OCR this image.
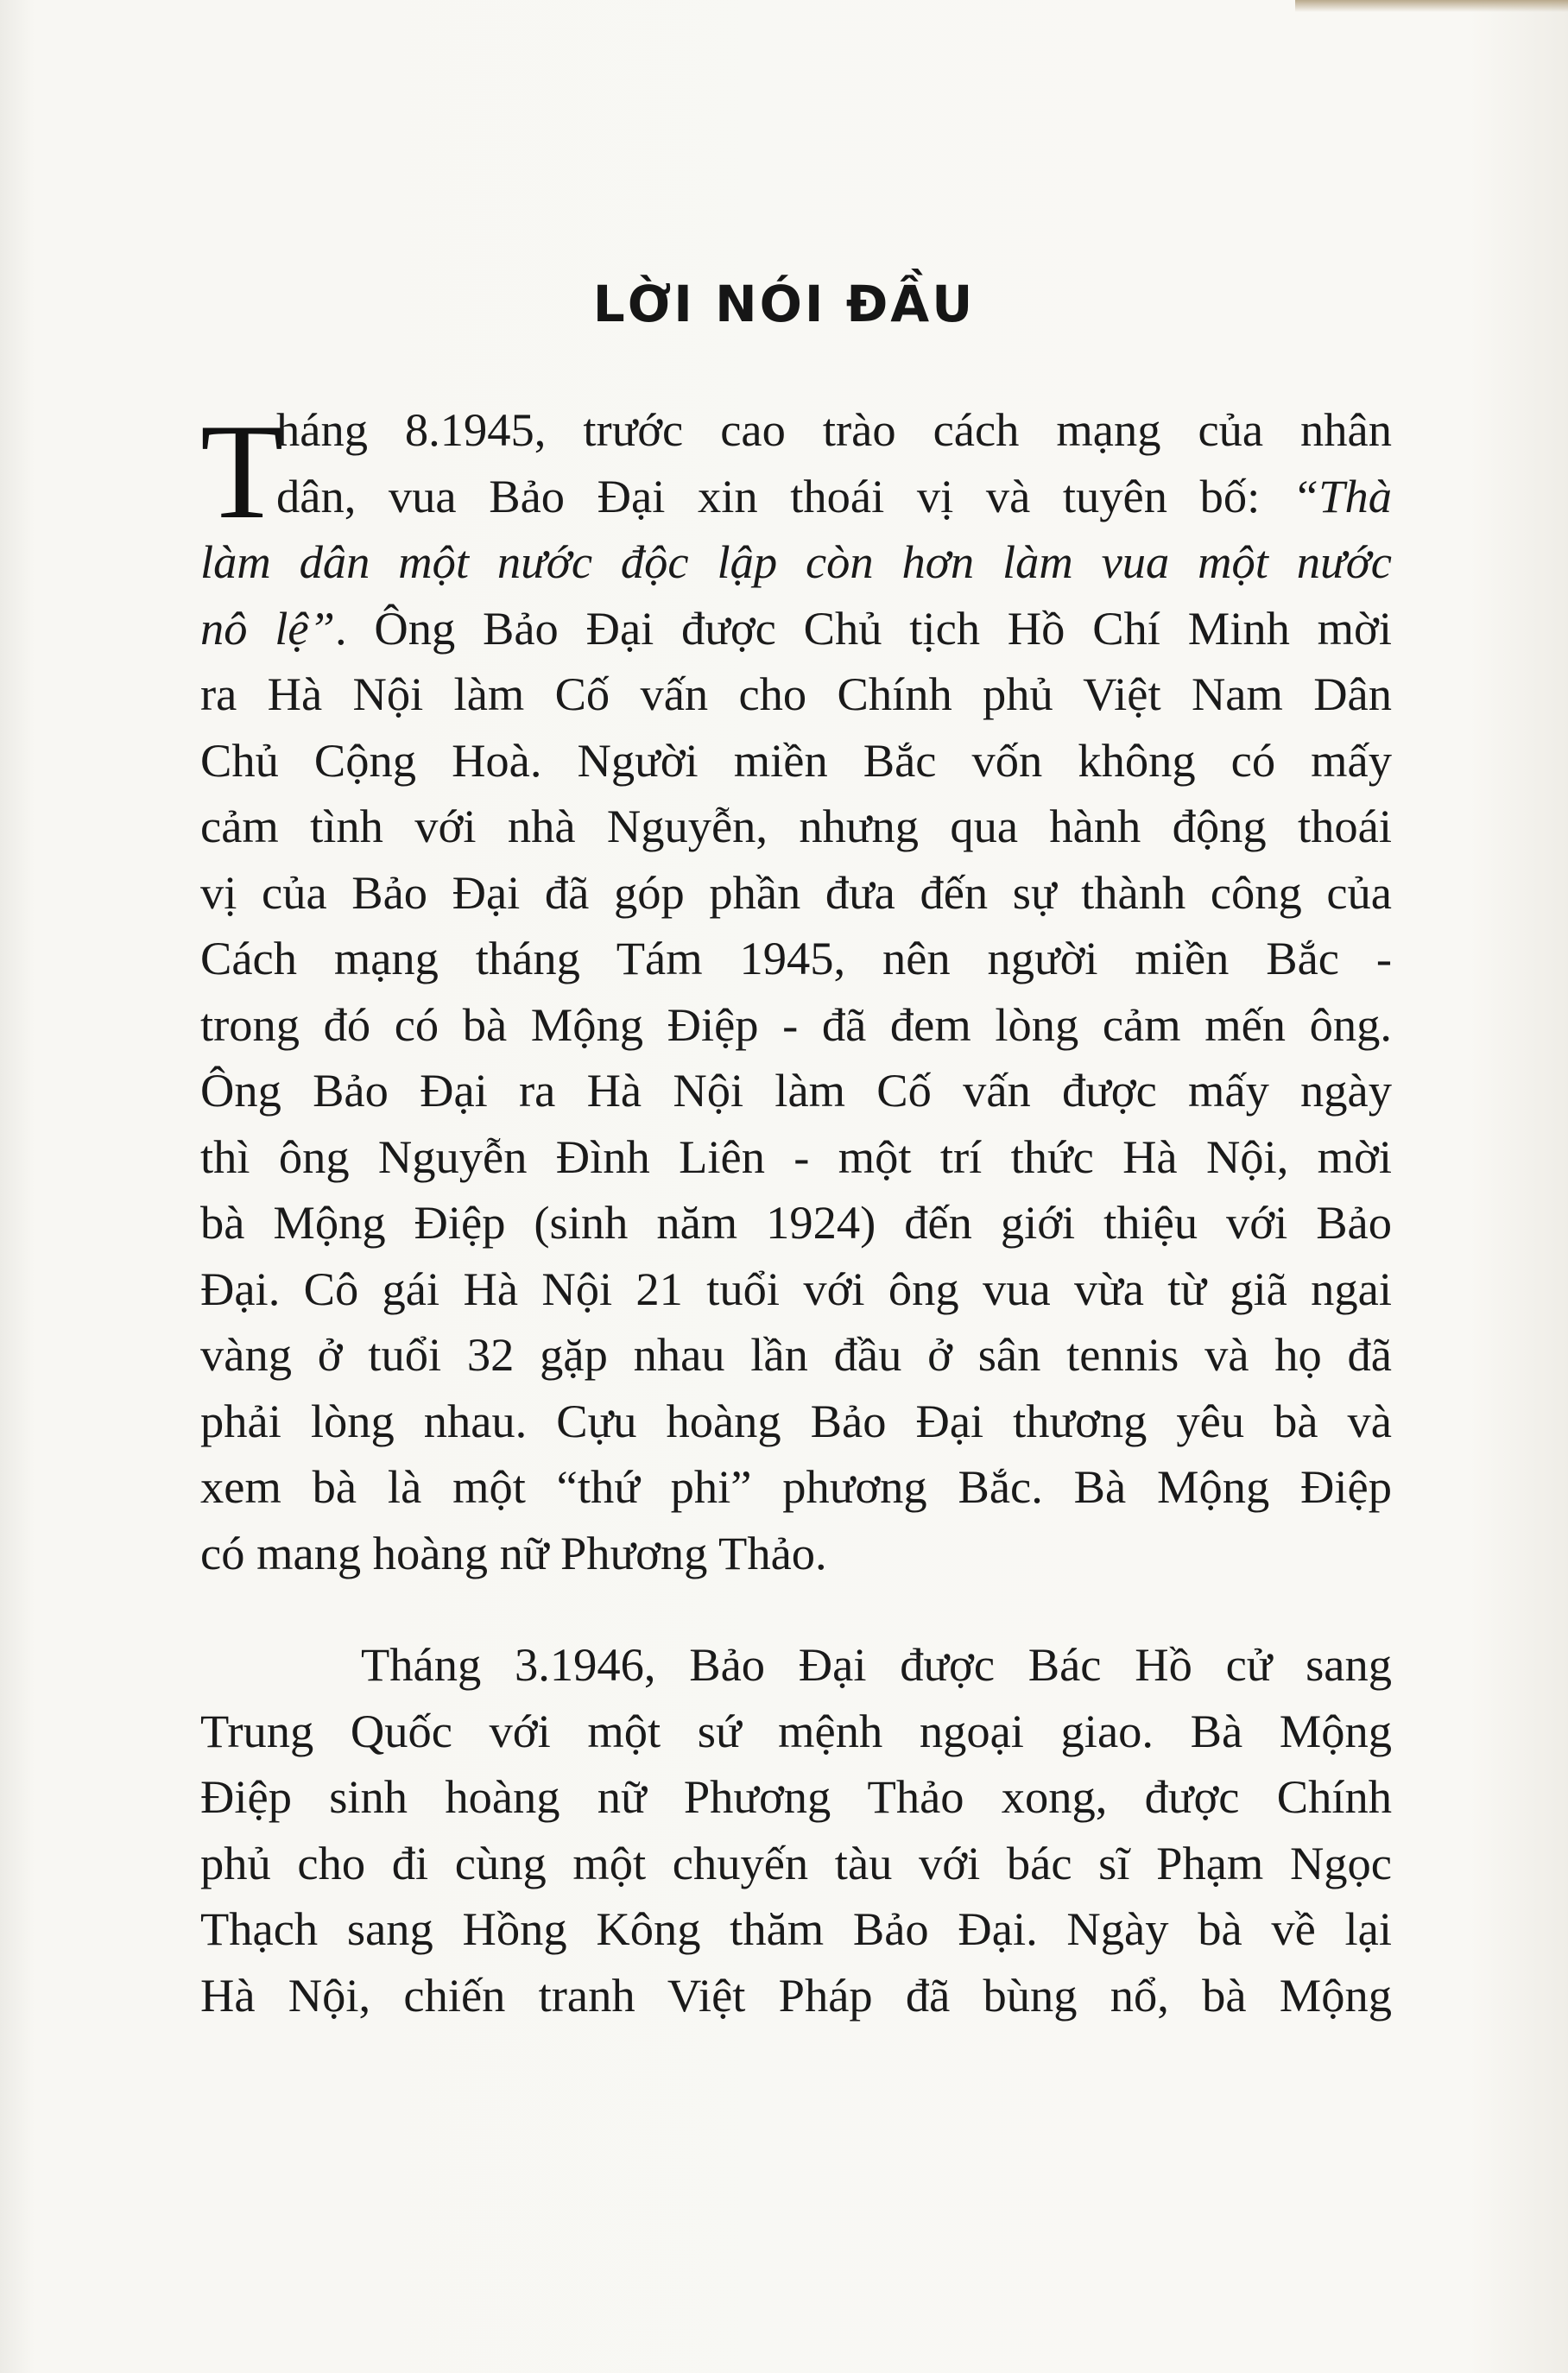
LỜI NÓI ĐẦU
T
háng 8.1945, trước cao trào cách mạng của nhân
dân, vua Bảo Đại xin thoái vị và tuyên bố: “Thà
làm dân một nước độc lập còn hơn làm vua một nước
nô lệ”. Ông Bảo Đại được Chủ tịch Hồ Chí Minh mời
ra Hà Nội làm Cố vấn cho Chính phủ Việt Nam Dân
Chủ Cộng Hoà. Người miền Bắc vốn không có mấy
cảm tình với nhà Nguyễn, nhưng qua hành động thoái
vị của Bảo Đại đã góp phần đưa đến sự thành công của
Cách mạng tháng Tám 1945, nên người miền Bắc -
trong đó có bà Mộng Điệp - đã đem lòng cảm mến ông.
Ông Bảo Đại ra Hà Nội làm Cố vấn được mấy ngày
thì ông Nguyễn Đình Liên - một trí thức Hà Nội, mời
bà Mộng Điệp (sinh năm 1924) đến giới thiệu với Bảo
Đại. Cô gái Hà Nội 21 tuổi với ông vua vừa từ giã ngai
vàng ở tuổi 32 gặp nhau lần đầu ở sân tennis và họ đã
phải lòng nhau. Cựu hoàng Bảo Đại thương yêu bà và
xem bà là một “thứ phi” phương Bắc. Bà Mộng Điệp
có mang hoàng nữ Phương Thảo.
Tháng 3.1946, Bảo Đại được Bác Hồ cử sang
Trung Quốc với một sứ mệnh ngoại giao. Bà Mộng
Điệp sinh hoàng nữ Phương Thảo xong, được Chính
phủ cho đi cùng một chuyến tàu với bác sĩ Phạm Ngọc
Thạch sang Hồng Kông thăm Bảo Đại. Ngày bà về lại
Hà Nội, chiến tranh Việt Pháp đã bùng nổ, bà Mộng
